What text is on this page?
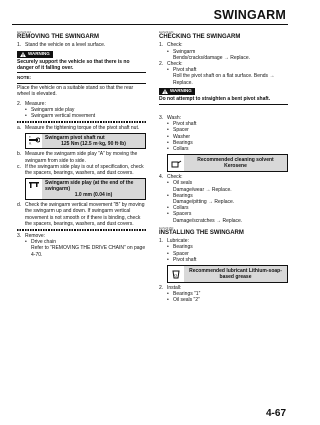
SWINGARM
EAS23110
REMOVING THE SWINGARM
1. Stand the vehicle on a level surface.
WARNING
Securely support the vehicle so that there is no danger of it falling over.
NOTE:
Place the vehicle on a suitable stand so that the rear wheel is elevated.
2. Measure:
• Swingarm side play
• Swingarm vertical movement
a. Measure the tightening torque of the pivot shaft nut.
T.
R.
Swingarm pivot shaft nut
125 Nm (12.5 m·kg, 90 ft·lb)
b. Measure the swingarm side play “A” by moving the swingarm from side to side.
c. If the swingarm side play is out of specification, check the spacers, bearings, washers, and dust covers.
Swingarm side play (at the end of the swingarm)
1.0 mm (0.04 in)
d. Check the swingarm vertical movement “B” by moving the swingarm up and down. If swingarm vertical movement is not smooth or if there is binding, check the spacers, bearings, washers, and dust covers.
3. Remove:
• Drive chain
Refer to “REMOVING THE DRIVE CHAIN” on page 4-70.
EAS23120
CHECKING THE SWINGARM
1. Check:
• Swingarm
Bends/cracks/damage → Replace.
2. Check:
• Pivot shaft
Roll the pivot shaft on a flat surface. Bends → Replace.
WARNING
Do not attempt to straighten a bent pivot shaft.
3. Wash:
• Pivot shaft
• Spacer
• Washer
• Bearings
• Collars
Recommended cleaning solvent Kerosene
4. Check:
• Oil seals
Damage/wear → Replace.
• Bearings
Damage/pitting → Replace.
• Collars
• Spacers
Damage/scratches → Replace.
EAS23150
INSTALLING THE SWINGARM
1. Lubricate:
• Bearings
• Spacer
• Pivot shaft
G
Recommended lubricant Lithium-soap-based grease
2. Install:
• Bearings “1”
• Oil seals “2”
4-67
